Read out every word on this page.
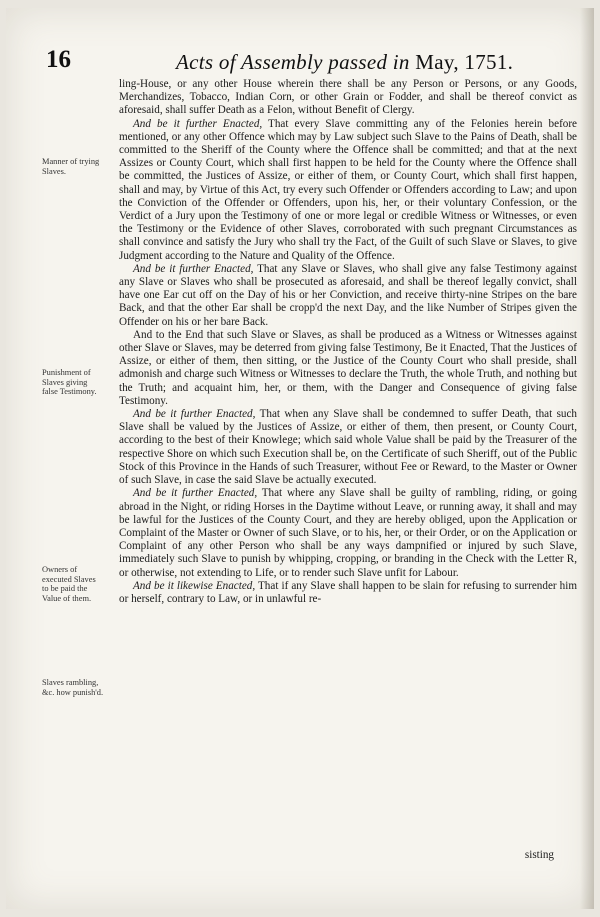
16	Acts of Assembly passed in May, 1751.
Manner of trying Slaves.
Punishment of Slaves giving false Testimony.
Owners of executed Slaves to be paid the Value of them.
Slaves rambling, &c. how punish'd.

ling-House, or any other House wherein there shall be any Person or Persons, or any Goods, Merchandizes, Tobacco, Indian Corn, or other Grain or Fodder, and shall be thereof convict as aforesaid, shall suffer Death as a Felon, without Benefit of Clergy.

And be it further Enacted, That every Slave committing any of the Felonies herein before mentioned, or any other Offence which may by Law subject such Slave to the Pains of Death, shall be committed to the Sheriff of the County where the Offence shall be committed; and that at the next Assizes or County Court, which shall first happen to be held for the County where the Offence shall be committed, the Justices of Assize, or either of them, or County Court, which shall first happen, shall and may, by Virtue of this Act, try every such Offender or Offenders according to Law; and upon the Conviction of the Offender or Offenders, upon his, her, or their voluntary Confession, or the Verdict of a Jury upon the Testimony of one or more legal or credible Witness or Witnesses, or even the Testimony or the Evidence of other Slaves, corroborated with such pregnant Circumstances as shall convince and satisfy the Jury who shall try the Fact, of the Guilt of such Slave or Slaves, to give Judgment according to the Nature and Quality of the Offence.

And be it further Enacted, That any Slave or Slaves, who shall give any false Testimony against any Slave or Slaves who shall be prosecuted as aforesaid, and shall be thereof legally convict, shall have one Ear cut off on the Day of his or her Conviction, and receive thirty-nine Stripes on the bare Back, and that the other Ear shall be cropp'd the next Day, and the like Number of Stripes given the Offender on his or her bare Back.

And to the End that such Slave or Slaves, as shall be produced as a Witness or Witnesses against other Slave or Slaves, may be deterred from giving false Testimony, Be it Enacted, That the Justices of Assize, or either of them, then sitting, or the Justice of the County Court who shall preside, shall admonish and charge such Witness or Witnesses to declare the Truth, the whole Truth, and nothing but the Truth; and acquaint him, her, or them, with the Danger and Consequence of giving false Testimony.

And be it further Enacted, That when any Slave shall be condemned to suffer Death, that such Slave shall be valued by the Justices of Assize, or either of them, then present, or County Court, according to the best of their Knowlege; which said whole Value shall be paid by the Treasurer of the respective Shore on which such Execution shall be, on the Certificate of such Sheriff, out of the Public Stock of this Province in the Hands of such Treasurer, without Fee or Reward, to the Master or Owner of such Slave, in case the said Slave be actually executed.

And be it further Enacted, That where any Slave shall be guilty of rambling, riding, or going abroad in the Night, or riding Horses in the Daytime without Leave, or running away, it shall and may be lawful for the Justices of the County Court, and they are hereby obliged, upon the Application or Complaint of the Master or Owner of such Slave, or to his, her, or their Order, or on the Application or Complaint of any other Person who shall be any ways dampnified or injured by such Slave, immediately such Slave to punish by whipping, cropping, or branding in the Check with the Letter R, or otherwise, not extending to Life, or to render such Slave unfit for Labour.

And be it likewise Enacted, That if any Slave shall happen to be slain for refusing to surrender him or herself, contrary to Law, or in unlawful re-

sisting
